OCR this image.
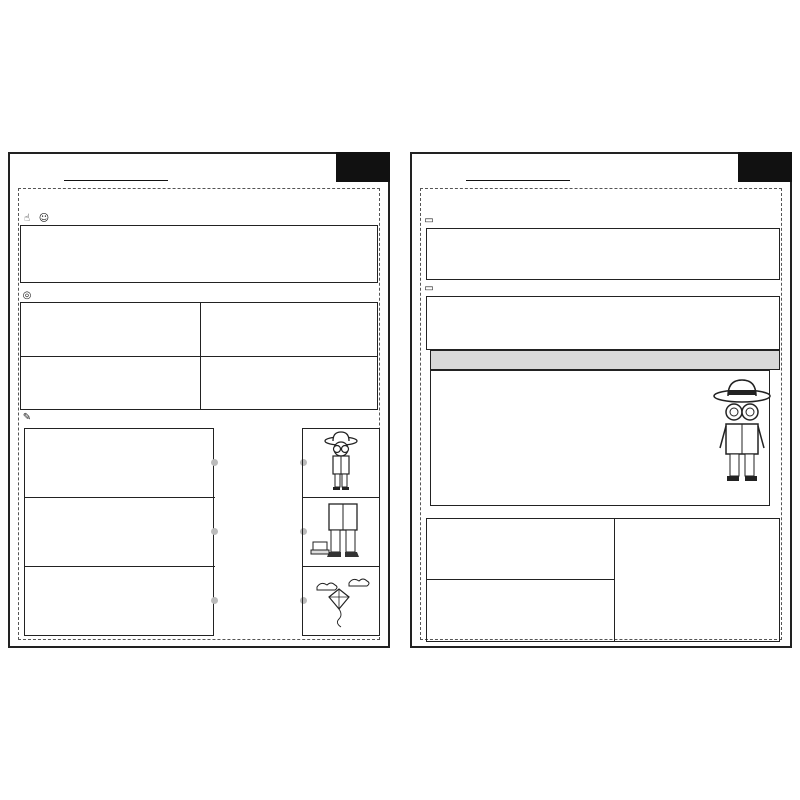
☝ ☺
◎
✎
▭
▭
